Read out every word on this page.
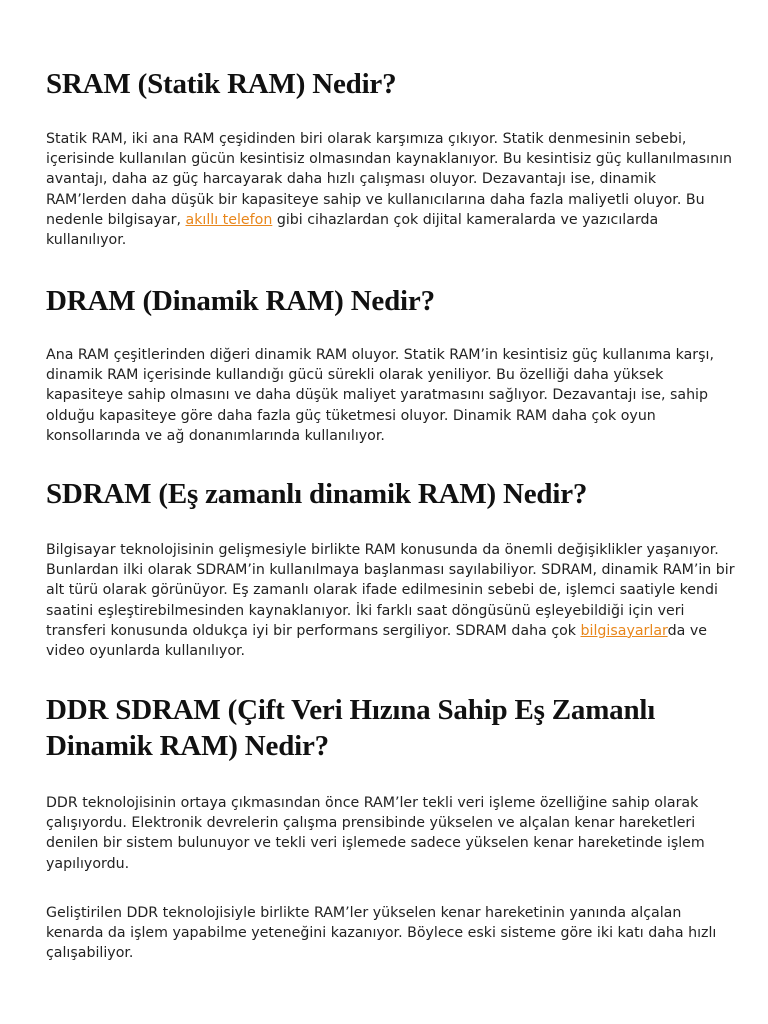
SRAM (Statik RAM) Nedir?

Statik RAM, iki ana RAM çeşidinden biri olarak karşımıza çıkıyor. Statik denmesinin sebebi, içerisinde kullanılan gücün kesintisiz olmasından kaynaklanıyor. Bu kesintisiz güç kullanılmasının avantajı, daha az güç harcayarak daha hızlı çalışması oluyor. Dezavantajı ise, dinamik RAM’lerden daha düşük bir kapasiteye sahip ve kullanıcılarına daha fazla maliyetli oluyor. Bu nedenle bilgisayar, akıllı telefon gibi cihazlardan çok dijital kameralarda ve yazıcılarda kullanılıyor.

DRAM (Dinamik RAM) Nedir?

Ana RAM çeşitlerinden diğeri dinamik RAM oluyor. Statik RAM’in kesintisiz güç kullanıma karşı, dinamik RAM içerisinde kullandığı gücü sürekli olarak yeniliyor. Bu özelliği daha yüksek kapasiteye sahip olmasını ve daha düşük maliyet yaratmasını sağlıyor. Dezavantajı ise, sahip olduğu kapasiteye göre daha fazla güç tüketmesi oluyor. Dinamik RAM daha çok oyun konsollarında ve ağ donanımlarında kullanılıyor.

SDRAM (Eş zamanlı dinamik RAM) Nedir?

Bilgisayar teknolojisinin gelişmesiyle birlikte RAM konusunda da önemli değişiklikler yaşanıyor. Bunlardan ilki olarak SDRAM’in kullanılmaya başlanması sayılabiliyor. SDRAM, dinamik RAM’in bir alt türü olarak görünüyor. Eş zamanlı olarak ifade edilmesinin sebebi de, işlemci saatiyle kendi saatini eşleştirebilmesinden kaynaklanıyor. İki farklı saat döngüsünü eşleyebildiği için veri transferi konusunda oldukça iyi bir performans sergiliyor. SDRAM daha çok bilgisayarlarda ve video oyunlarda kullanılıyor.

DDR SDRAM (Çift Veri Hızına Sahip Eş Zamanlı Dinamik RAM) Nedir?

DDR teknolojisinin ortaya çıkmasından önce RAM’ler tekli veri işleme özelliğine sahip olarak çalışıyordu. Elektronik devrelerin çalışma prensibinde yükselen ve alçalan kenar hareketleri denilen bir sistem bulunuyor ve tekli veri işlemede sadece yükselen kenar hareketinde işlem yapılıyordu.

Geliştirilen DDR teknolojisiyle birlikte RAM’ler yükselen kenar hareketinin yanında alçalan kenarda da işlem yapabilme yeteneğini kazanıyor. Böylece eski sisteme göre iki katı daha hızlı çalışabiliyor.
